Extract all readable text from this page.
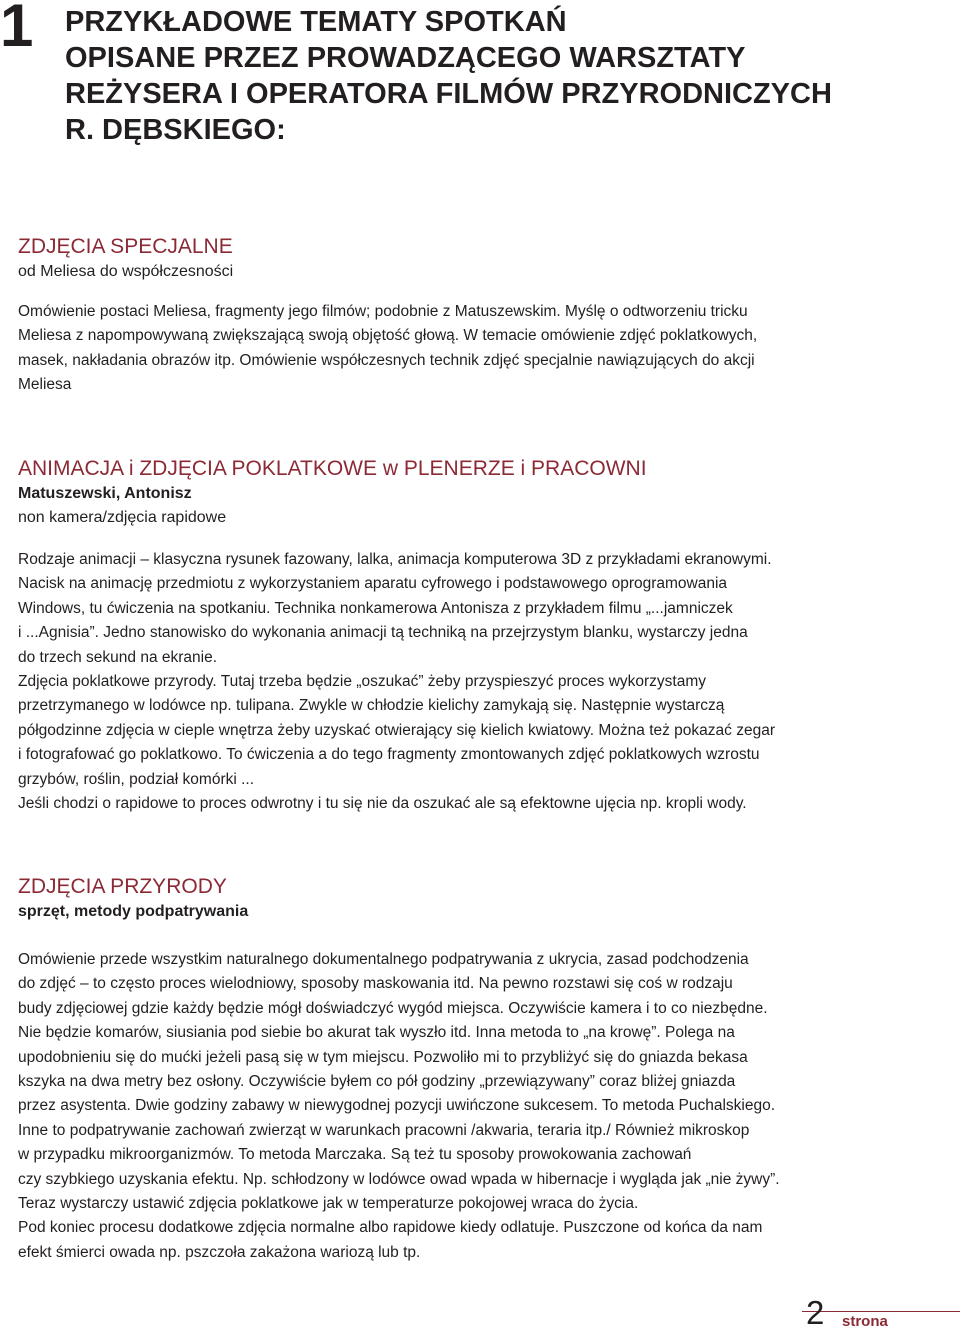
1 PRZYKŁADOWE TEMATY SPOTKAŃ
OPISANE PRZEZ PROWADZĄCEGO WARSZTATY
REŻYSERA I OPERATORA FILMÓW PRZYRODNICZYCH
R. DĘBSKIEGO:
ZDJĘCIA SPECJALNE
od Meliesa do współczesności
Omówienie postaci Meliesa, fragmenty jego filmów; podobnie z Matuszewskim. Myślę o odtworzeniu tricku
Meliesa z napompowywaną zwiększającą swoją objętość głową. W temacie omówienie zdjęć poklatkowych,
masek, nakładania obrazów itp. Omówienie współczesnych technik zdjęć specjalnie nawiązujących do akcji
Meliesa
ANIMACJA i ZDJĘCIA POKLATKOWE w PLENERZE i PRACOWNI
Matuszewski, Antonisz
non kamera/zdjęcia rapidowe
Rodzaje animacji – klasyczna rysunek fazowany, lalka, animacja komputerowa 3D z przykładami ekranowymi.
Nacisk na animację przedmiotu z wykorzystaniem aparatu cyfrowego i podstawowego oprogramowania
Windows, tu ćwiczenia na spotkaniu. Technika nonkamerowa Antonisza z przykładem filmu „...jamniczek
i ...Agnisia”. Jedno stanowisko do wykonania animacji tą techniką na przejrzystym blanku, wystarczy jedna
do trzech sekund na ekranie.
Zdjęcia poklatkowe przyrody. Tutaj trzeba będzie „oszukać” żeby przyspieszyć proces wykorzystamy
przetrzymanego w lodówce np. tulipana. Zwykle w chłodzie kielichy zamykają się. Następnie wystarczą
półgodzinne zdjęcia w cieple wnętrza żeby uzyskać otwierający się kielich kwiatowy. Można też pokazać zegar
i fotografować go poklatkowo. To ćwiczenia a do tego fragmenty zmontowanych zdjęć poklatkowych wzrostu
grzybów, roślin, podział komórki ...
Jeśli chodzi o rapidowe to proces odwrotny i tu się nie da oszukać ale są efektowne ujęcia np. kropli wody.
ZDJĘCIA PRZYRODY
sprzęt, metody podpatrywania
Omówienie przede wszystkim naturalnego dokumentalnego podpatrywania z ukrycia, zasad podchodzenia
do zdjęć – to często proces wielodniowy, sposoby maskowania itd. Na pewno rozstawi się coś w rodzaju
budy zdjęciowej gdzie każdy będzie mógł doświadczyć wygód miejsca. Oczywiście kamera i to co niezbędne.
Nie będzie komarów, siusiania pod siebie bo akurat tak wyszło itd. Inna metoda to „na krowę”. Polega na
upodobnieniu się do mućki jeżeli pasą się w tym miejscu. Pozwoliło mi to przybliżyć się do gniazda bekasa
kszyka na dwa metry bez osłony. Oczywiście byłem co pół godziny „przewiązywany” coraz bliżej gniazda
przez asystenta. Dwie godziny zabawy w niewygodnej pozycji uwińczone sukcesem. To metoda Puchalskiego.
Inne to podpatrywanie zachowań zwierząt w warunkach pracowni /akwaria, teraria itp./ Również mikroskop
w przypadku mikroorganizmów. To metoda Marczaka. Są też tu sposoby prowokowania zachowań
czy szybkiego uzyskania efektu. Np. schłodzony w lodówce owad wpada w hibernacje i wygląda jak „nie żywy”.
Teraz wystarczy ustawić zdjęcia poklatkowe jak w temperaturze pokojowej wraca do życia.
Pod koniec procesu dodatkowe zdjęcia normalne albo rapidowe kiedy odlatuje. Puszczone od końca da nam
efekt śmierci owada np. pszczoła zakażona wariozą lub tp.
2 strona
